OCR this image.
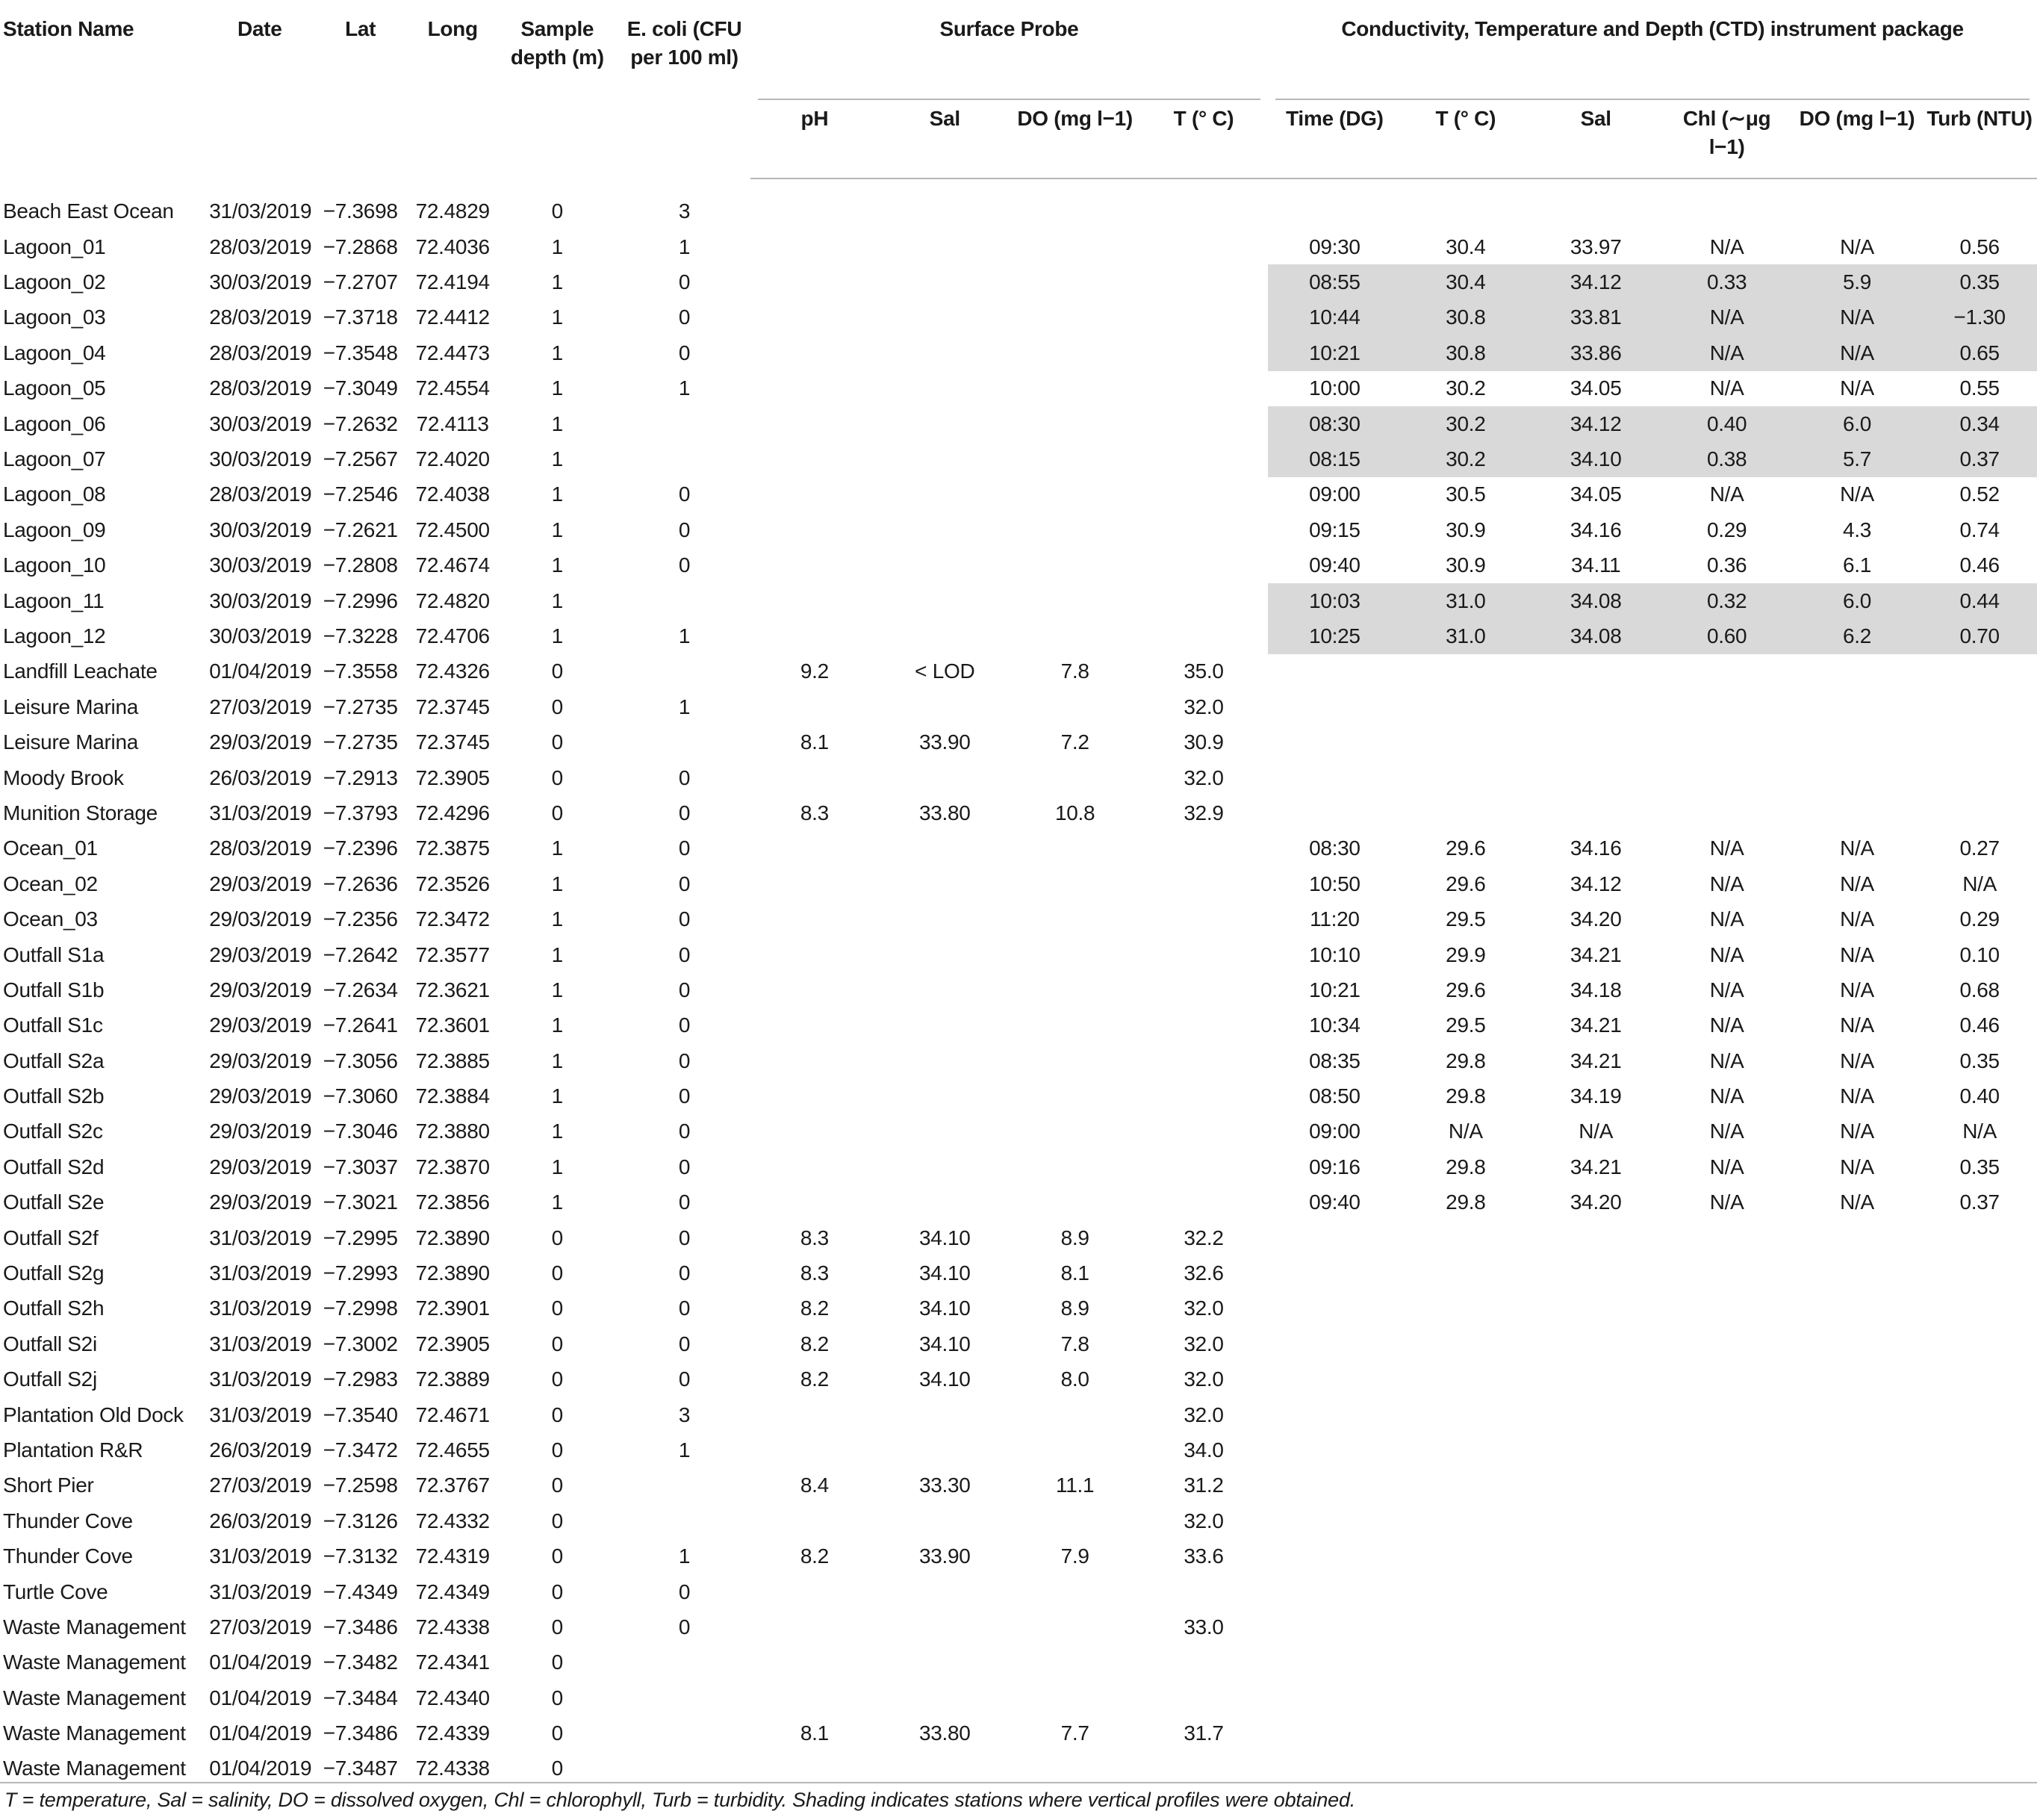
Station Name	Date	Lat	Long	Sample depth (m)	E. coli (CFU per 100 ml)	Surface Probe				Conductivity, Temperature and Depth (CTD) instrument package					
						pH	Sal	DO (mg l−1)	T (° C)	Time (DG)	T (° C)	Sal	Chl (∼μg l−1)	DO (mg l−1)	Turb (NTU)
Beach East Ocean	31/03/2019	−7.3698	72.4829	0	3										
Lagoon_01	28/03/2019	−7.2868	72.4036	1	1					09:30	30.4	33.97	N/A	N/A	0.56
Lagoon_02	30/03/2019	−7.2707	72.4194	1	0					08:55	30.4	34.12	0.33	5.9	0.35
Lagoon_03	28/03/2019	−7.3718	72.4412	1	0					10:44	30.8	33.81	N/A	N/A	−1.30
Lagoon_04	28/03/2019	−7.3548	72.4473	1	0					10:21	30.8	33.86	N/A	N/A	0.65
Lagoon_05	28/03/2019	−7.3049	72.4554	1	1					10:00	30.2	34.05	N/A	N/A	0.55
Lagoon_06	30/03/2019	−7.2632	72.4113	1						08:30	30.2	34.12	0.40	6.0	0.34
Lagoon_07	30/03/2019	−7.2567	72.4020	1						08:15	30.2	34.10	0.38	5.7	0.37
Lagoon_08	28/03/2019	−7.2546	72.4038	1	0					09:00	30.5	34.05	N/A	N/A	0.52
Lagoon_09	30/03/2019	−7.2621	72.4500	1	0					09:15	30.9	34.16	0.29	4.3	0.74
Lagoon_10	30/03/2019	−7.2808	72.4674	1	0					09:40	30.9	34.11	0.36	6.1	0.46
Lagoon_11	30/03/2019	−7.2996	72.4820	1						10:03	31.0	34.08	0.32	6.0	0.44
Lagoon_12	30/03/2019	−7.3228	72.4706	1	1					10:25	31.0	34.08	0.60	6.2	0.70
Landfill Leachate	01/04/2019	−7.3558	72.4326	0		9.2	< LOD	7.8	35.0						
Leisure Marina	27/03/2019	−7.2735	72.3745	0	1				32.0						
Leisure Marina	29/03/2019	−7.2735	72.3745	0		8.1	33.90	7.2	30.9						
Moody Brook	26/03/2019	−7.2913	72.3905	0	0				32.0						
Munition Storage	31/03/2019	−7.3793	72.4296	0	0	8.3	33.80	10.8	32.9						
Ocean_01	28/03/2019	−7.2396	72.3875	1	0					08:30	29.6	34.16	N/A	N/A	0.27
Ocean_02	29/03/2019	−7.2636	72.3526	1	0					10:50	29.6	34.12	N/A	N/A	N/A
Ocean_03	29/03/2019	−7.2356	72.3472	1	0					11:20	29.5	34.20	N/A	N/A	0.29
Outfall S1a	29/03/2019	−7.2642	72.3577	1	0					10:10	29.9	34.21	N/A	N/A	0.10
Outfall S1b	29/03/2019	−7.2634	72.3621	1	0					10:21	29.6	34.18	N/A	N/A	0.68
Outfall S1c	29/03/2019	−7.2641	72.3601	1	0					10:34	29.5	34.21	N/A	N/A	0.46
Outfall S2a	29/03/2019	−7.3056	72.3885	1	0					08:35	29.8	34.21	N/A	N/A	0.35
Outfall S2b	29/03/2019	−7.3060	72.3884	1	0					08:50	29.8	34.19	N/A	N/A	0.40
Outfall S2c	29/03/2019	−7.3046	72.3880	1	0					09:00	N/A	N/A	N/A	N/A	N/A
Outfall S2d	29/03/2019	−7.3037	72.3870	1	0					09:16	29.8	34.21	N/A	N/A	0.35
Outfall S2e	29/03/2019	−7.3021	72.3856	1	0					09:40	29.8	34.20	N/A	N/A	0.37
Outfall S2f	31/03/2019	−7.2995	72.3890	0	0	8.3	34.10	8.9	32.2						
Outfall S2g	31/03/2019	−7.2993	72.3890	0	0	8.3	34.10	8.1	32.6						
Outfall S2h	31/03/2019	−7.2998	72.3901	0	0	8.2	34.10	8.9	32.0						
Outfall S2i	31/03/2019	−7.3002	72.3905	0	0	8.2	34.10	7.8	32.0						
Outfall S2j	31/03/2019	−7.2983	72.3889	0	0	8.2	34.10	8.0	32.0						
Plantation Old Dock	31/03/2019	−7.3540	72.4671	0	3				32.0						
Plantation R&R	26/03/2019	−7.3472	72.4655	0	1				34.0						
Short Pier	27/03/2019	−7.2598	72.3767	0		8.4	33.30	11.1	31.2						
Thunder Cove	26/03/2019	−7.3126	72.4332	0					32.0						
Thunder Cove	31/03/2019	−7.3132	72.4319	0	1	8.2	33.90	7.9	33.6						
Turtle Cove	31/03/2019	−7.4349	72.4349	0	0										
Waste Management	27/03/2019	−7.3486	72.4338	0	0				33.0						
Waste Management	01/04/2019	−7.3482	72.4341	0											
Waste Management	01/04/2019	−7.3484	72.4340	0											
Waste Management	01/04/2019	−7.3486	72.4339	0		8.1	33.80	7.7	31.7						
Waste Management	01/04/2019	−7.3487	72.4338	0											
T = temperature, Sal = salinity, DO = dissolved oxygen, Chl = chlorophyll, Turb = turbidity. Shading indicates stations where vertical profiles were obtained.
